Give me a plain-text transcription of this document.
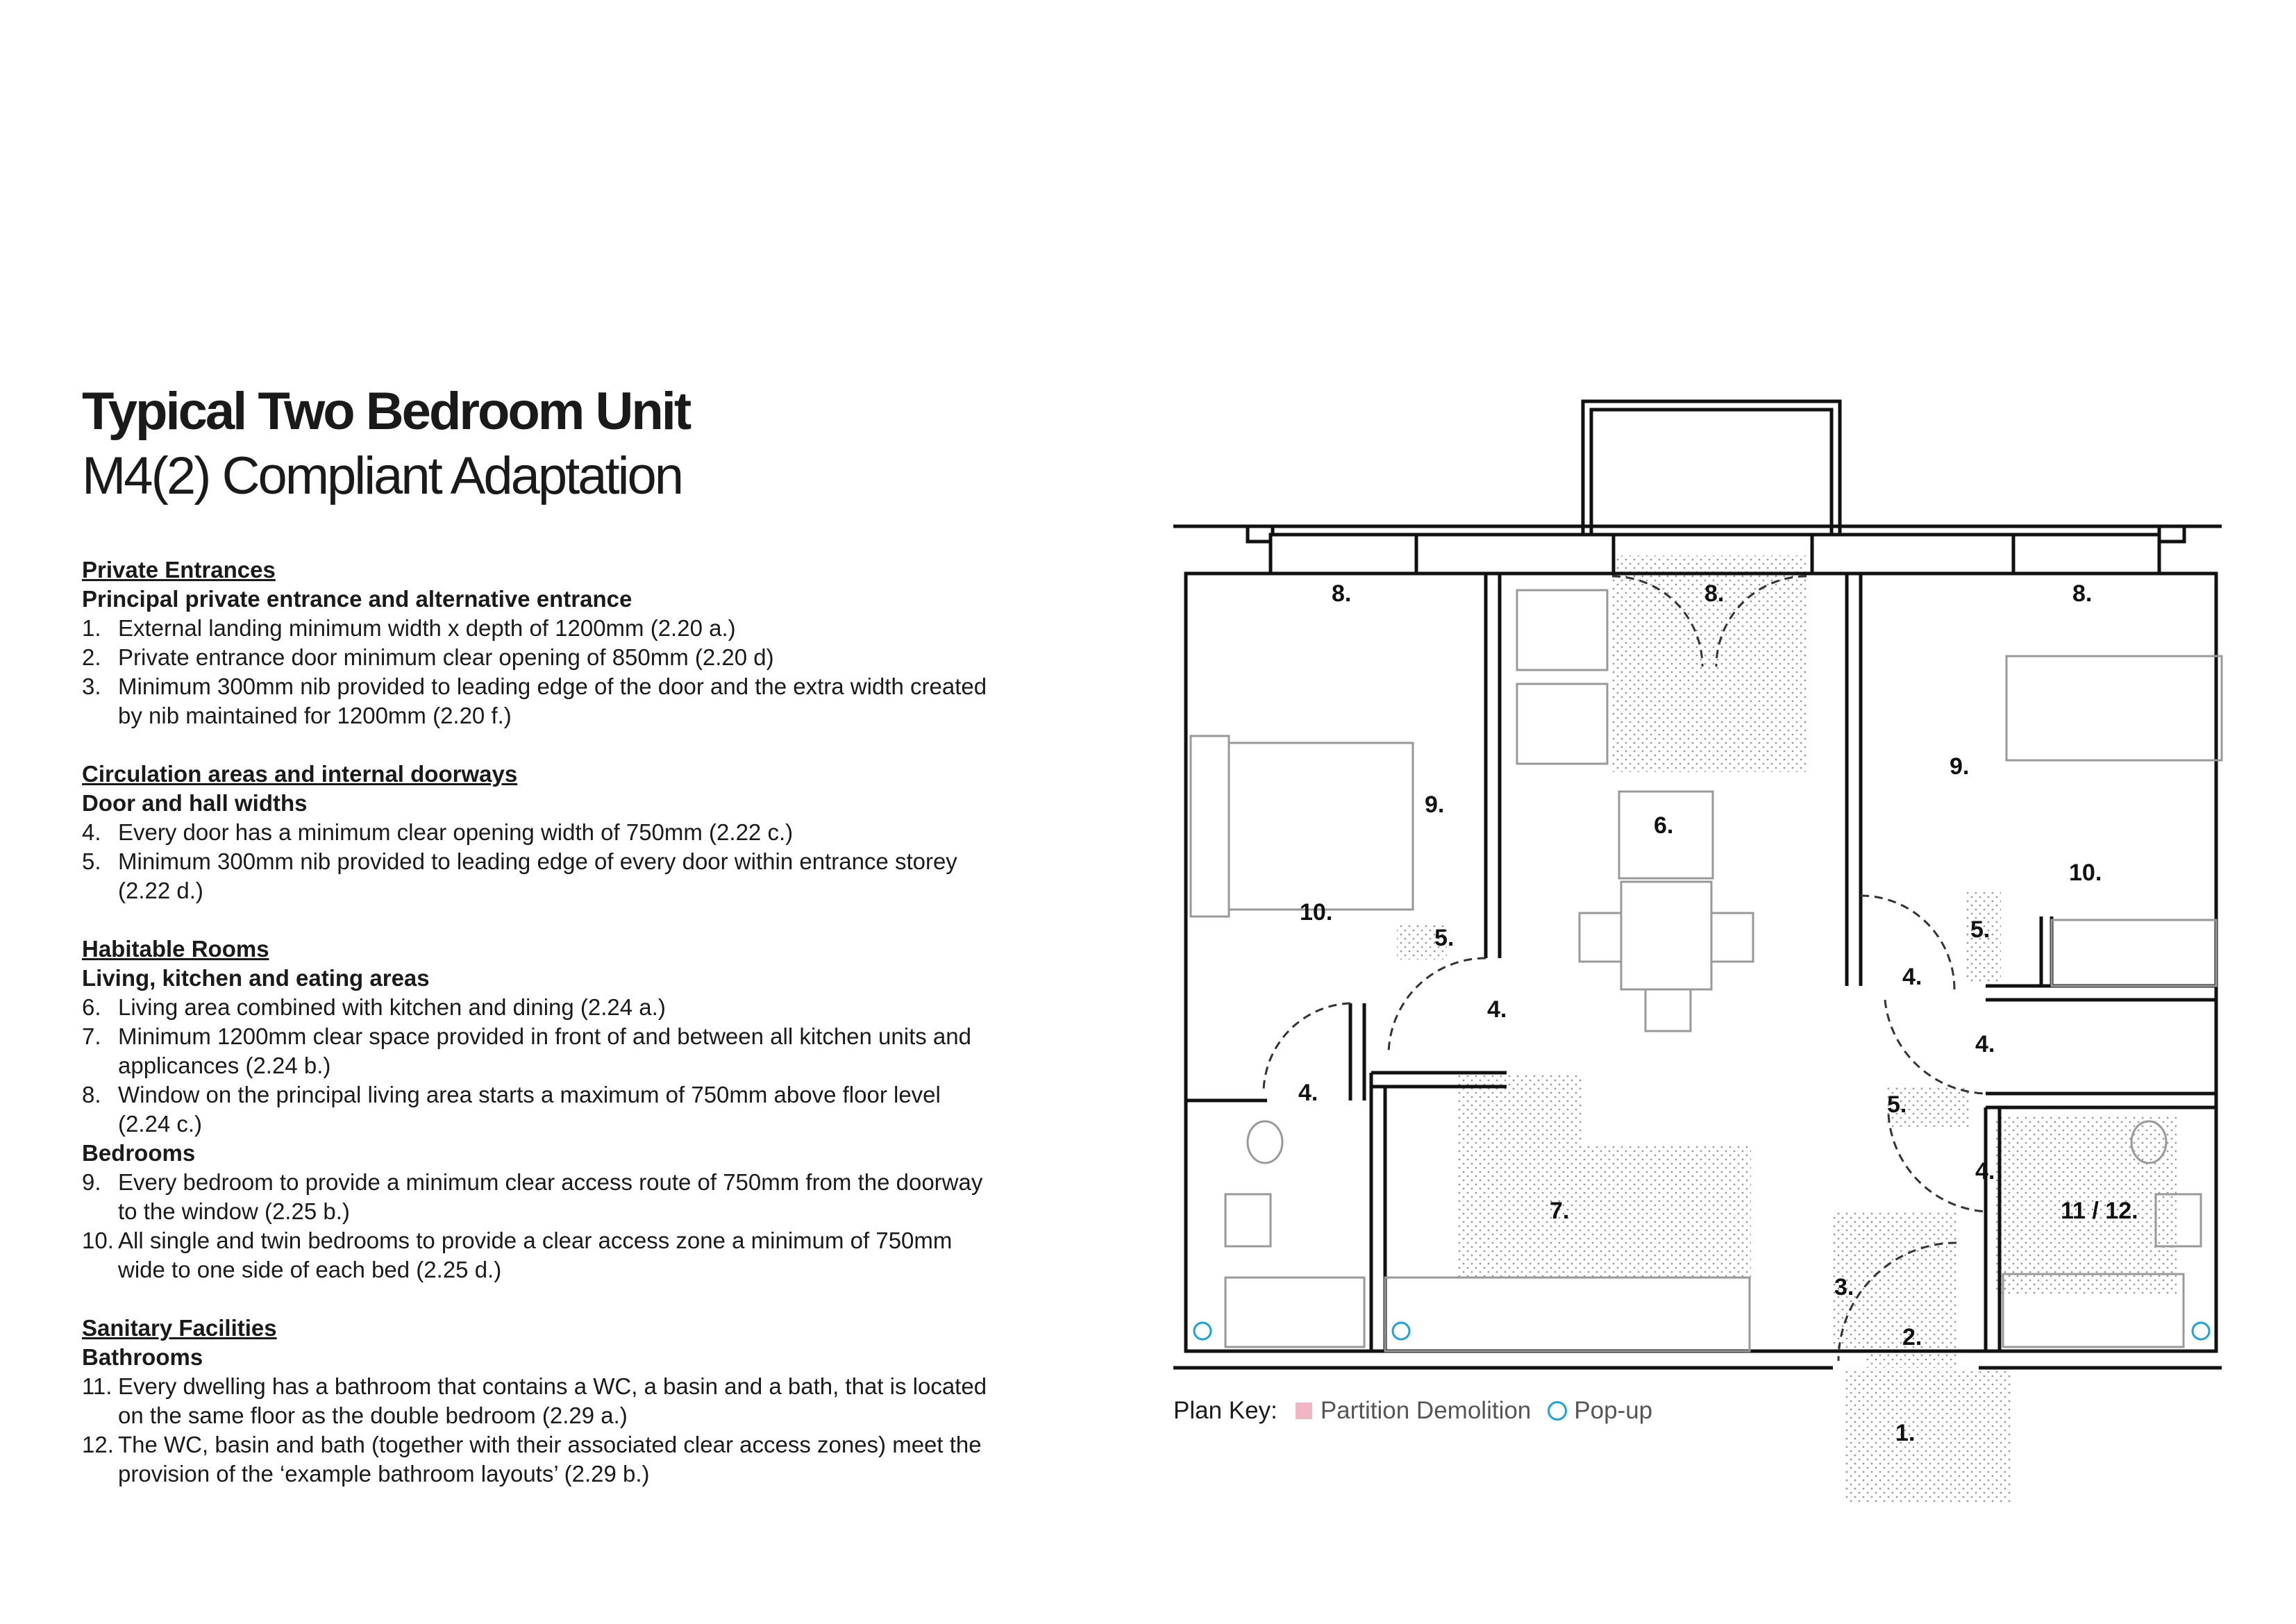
Typical Two Bedroom Unit
M4(2) Compliant Adaptation
Private Entrances
Principal private entrance and alternative entrance
1. External landing minimum width x depth of 1200mm (2.20 a.)
2. Private entrance door minimum clear opening of 850mm (2.20 d)
3. Minimum 300mm nib provided to leading edge of the door and the extra width created by nib maintained for 1200mm (2.20 f.)
Circulation areas and internal doorways
Door and hall widths
4. Every door has a minimum clear opening width of 750mm (2.22 c.)
5. Minimum 300mm nib provided to leading edge of every door within entrance storey (2.22 d.)
Habitable Rooms
Living, kitchen and eating areas
6. Living area combined with kitchen and dining (2.24 a.)
7. Minimum 1200mm clear space provided in front of and between all kitchen units and applicances (2.24 b.)
8. Window on the principal living area starts a maximum of 750mm above floor level (2.24 c.)
Bedrooms
9. Every bedroom to provide a minimum clear access route of 750mm from the doorway to the window (2.25 b.)
10. All single and twin bedrooms to provide a clear access zone a minimum of 750mm wide to one side of each bed (2.25 d.)
Sanitary Facilities
Bathrooms
11. Every dwelling has a bathroom that contains a WC, a basin and a bath, that is located on the same floor as the double bedroom (2.29 a.)
12. The WC, basin and bath (together with their associated clear access zones) meet the provision of the ‘example bathroom layouts’ (2.29 b.)
8.	8.	8.
9.
9.
6.
10.
10.
5.	5.
5.
4.
4.
4.
4.
4.
7.	11 / 12.
3.
2.
1.
Plan Key: Partition Demolition Pop-up
